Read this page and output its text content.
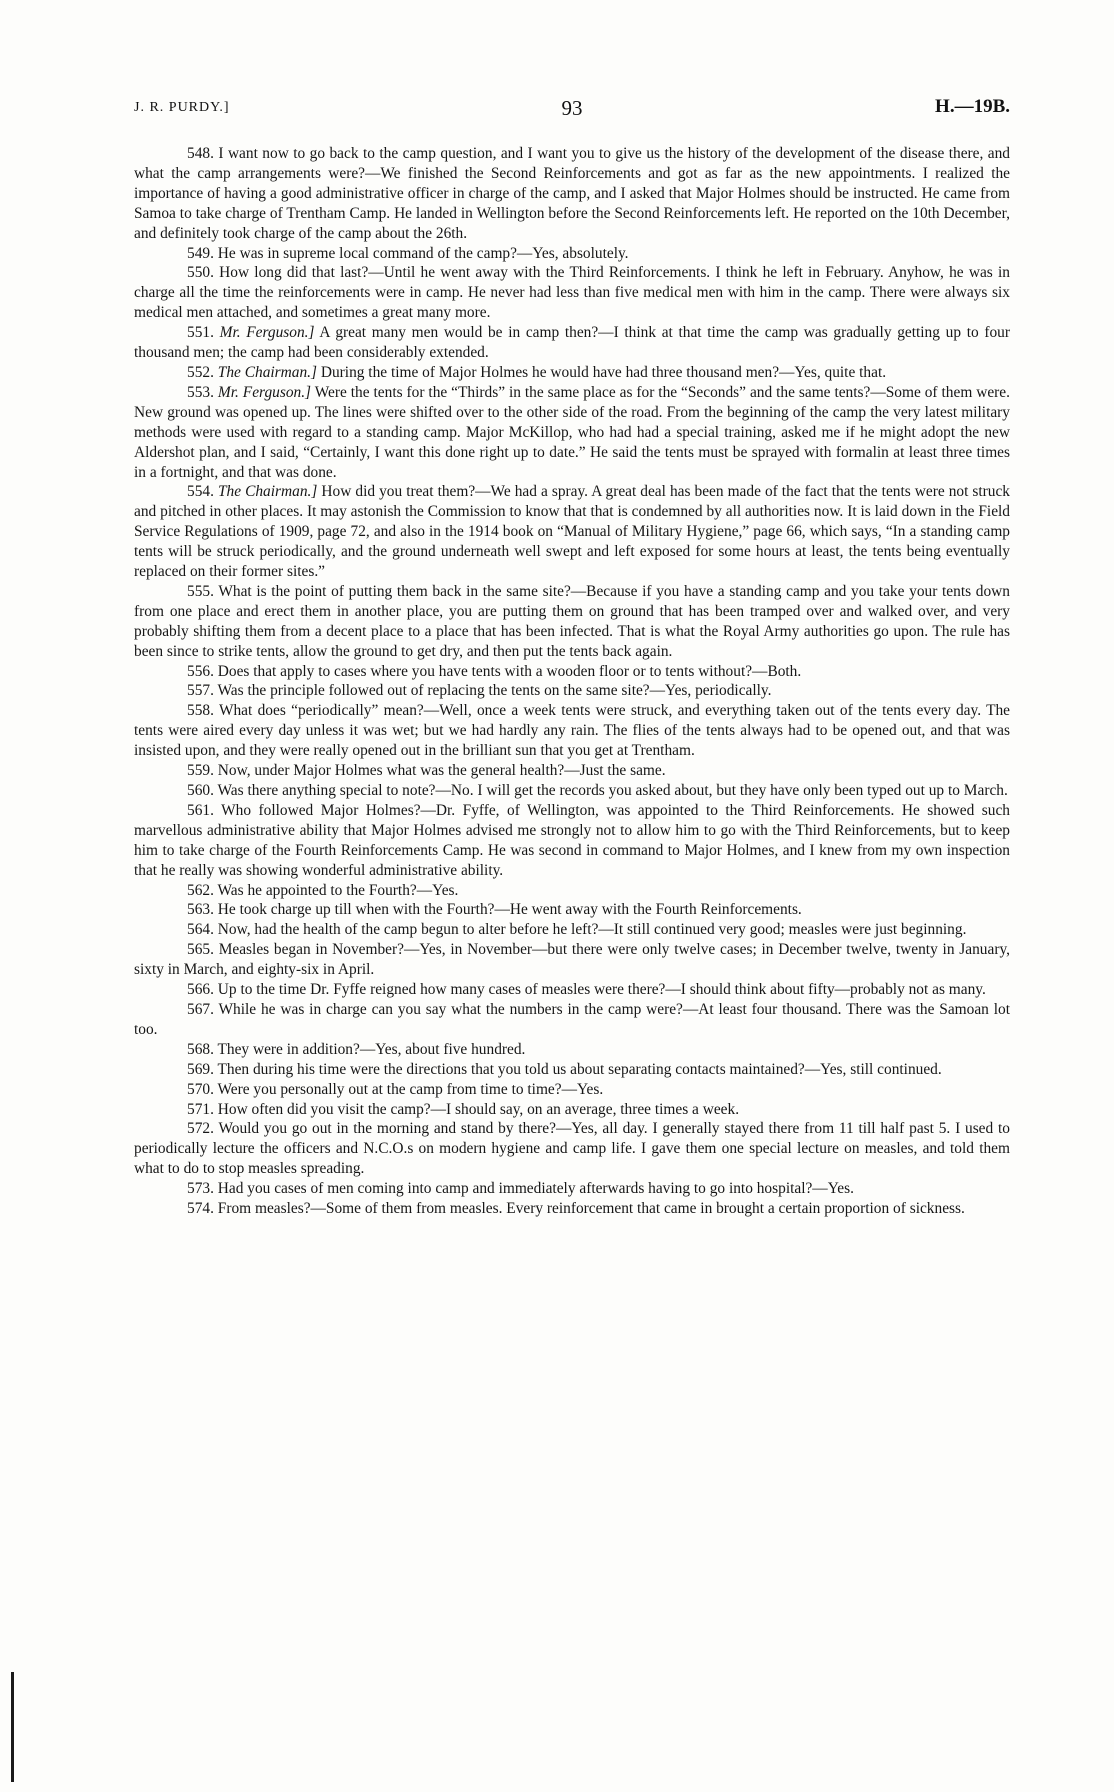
J. R. PURDY.]	93	H.—19B.

548. I want now to go back to the camp question, and I want you to give us the history of the development of the disease there, and what the camp arrangements were?—We finished the Second Reinforcements and got as far as the new appointments. I realized the importance of having a good administrative officer in charge of the camp, and I asked that Major Holmes should be instructed. He came from Samoa to take charge of Trentham Camp. He landed in Wellington before the Second Reinforcements left. He reported on the 10th December, and definitely took charge of the camp about the 26th.

549. He was in supreme local command of the camp?—Yes, absolutely.

550. How long did that last?—Until he went away with the Third Reinforcements. I think he left in February. Anyhow, he was in charge all the time the reinforcements were in camp. He never had less than five medical men with him in the camp. There were always six medical men attached, and sometimes a great many more.

551. Mr. Ferguson.] A great many men would be in camp then?—I think at that time the camp was gradually getting up to four thousand men; the camp had been considerably extended.

552. The Chairman.] During the time of Major Holmes he would have had three thousand men?—Yes, quite that.

553. Mr. Ferguson.] Were the tents for the “Thirds” in the same place as for the “Seconds” and the same tents?—Some of them were. New ground was opened up. The lines were shifted over to the other side of the road. From the beginning of the camp the very latest military methods were used with regard to a standing camp. Major McKillop, who had had a special training, asked me if he might adopt the new Aldershot plan, and I said, “Certainly, I want this done right up to date.” He said the tents must be sprayed with formalin at least three times in a fortnight, and that was done.

554. The Chairman.] How did you treat them?—We had a spray. A great deal has been made of the fact that the tents were not struck and pitched in other places. It may astonish the Commission to know that that is condemned by all authorities now. It is laid down in the Field Service Regulations of 1909, page 72, and also in the 1914 book on “Manual of Military Hygiene,” page 66, which says, “In a standing camp tents will be struck periodically, and the ground underneath well swept and left exposed for some hours at least, the tents being eventually replaced on their former sites.”

555. What is the point of putting them back in the same site?—Because if you have a standing camp and you take your tents down from one place and erect them in another place, you are putting them on ground that has been tramped over and walked over, and very probably shifting them from a decent place to a place that has been infected. That is what the Royal Army authorities go upon. The rule has been since to strike tents, allow the ground to get dry, and then put the tents back again.

556. Does that apply to cases where you have tents with a wooden floor or to tents without?—Both.

557. Was the principle followed out of replacing the tents on the same site?—Yes, periodically.

558. What does “periodically” mean?—Well, once a week tents were struck, and everything taken out of the tents every day. The tents were aired every day unless it was wet; but we had hardly any rain. The flies of the tents always had to be opened out, and that was insisted upon, and they were really opened out in the brilliant sun that you get at Trentham.

559. Now, under Major Holmes what was the general health?—Just the same.

560. Was there anything special to note?—No. I will get the records you asked about, but they have only been typed out up to March.

561. Who followed Major Holmes?—Dr. Fyffe, of Wellington, was appointed to the Third Reinforcements. He showed such marvellous administrative ability that Major Holmes advised me strongly not to allow him to go with the Third Reinforcements, but to keep him to take charge of the Fourth Reinforcements Camp. He was second in command to Major Holmes, and I knew from my own inspection that he really was showing wonderful administrative ability.

562. Was he appointed to the Fourth?—Yes.

563. He took charge up till when with the Fourth?—He went away with the Fourth Reinforcements.

564. Now, had the health of the camp begun to alter before he left?—It still continued very good; measles were just beginning.

565. Measles began in November?—Yes, in November—but there were only twelve cases; in December twelve, twenty in January, sixty in March, and eighty-six in April.

566. Up to the time Dr. Fyffe reigned how many cases of measles were there?—I should think about fifty—probably not as many.

567. While he was in charge can you say what the numbers in the camp were?—At least four thousand. There was the Samoan lot too.

568. They were in addition?—Yes, about five hundred.

569. Then during his time were the directions that you told us about separating contacts maintained?—Yes, still continued.

570. Were you personally out at the camp from time to time?—Yes.

571. How often did you visit the camp?—I should say, on an average, three times a week.

572. Would you go out in the morning and stand by there?—Yes, all day. I generally stayed there from 11 till half past 5. I used to periodically lecture the officers and N.C.O.s on modern hygiene and camp life. I gave them one special lecture on measles, and told them what to do to stop measles spreading.

573. Had you cases of men coming into camp and immediately afterwards having to go into hospital?—Yes.

574. From measles?—Some of them from measles. Every reinforcement that came in brought a certain proportion of sickness.
